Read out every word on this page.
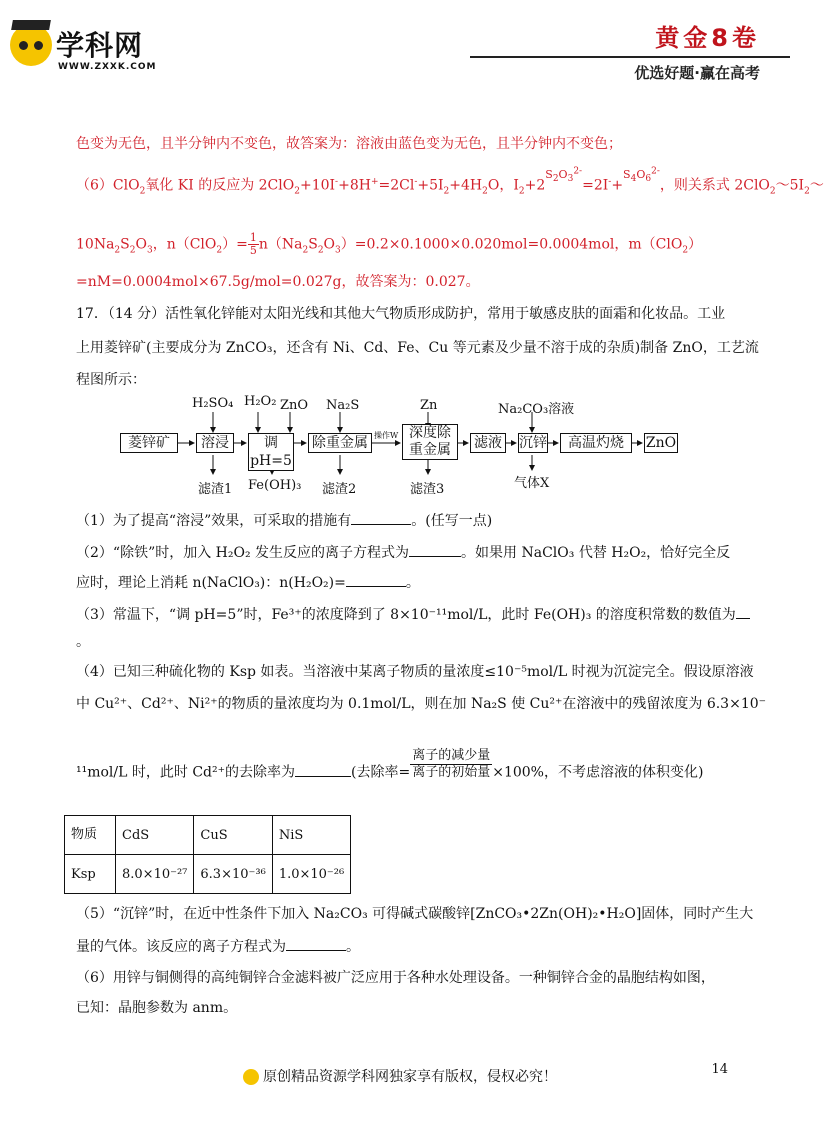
学科网
WWW.ZXXK.COM
黄金8卷
优选好题·赢在高考
色变为无色，且半分钟内不变色，故答案为：溶液由蓝色变为无色，且半分钟内不变色；
（6）ClO$_2$氧化 KI 的反应为 $2ClO_2+10I^-+8H^+=2Cl^-+5I_2+4H_2O$，$I_2+2^{S_2O_3^{2-}}=2I^-+^{S_4O_6^{2-}}$，则关系式 $2ClO_2\sim 5I_2\sim$
$10Na_2S_2O_3$，$n(ClO_2)= \frac{1}{5} n(Na_2S_2O_3)=0.2\times 0.1000\times 0.020mol=0.0004mol$，m（ClO$_2$）
=nM=0.0004mol×67.5g/mol=0.027g，故答案为：0.027。
17．（14 分）活性氧化锌能对太阳光线和其他大气物质形成防护，常用于敏感皮肤的面霜和化妆品。工业
上用菱锌矿(主要成分为 ZnCO₃，还含有 Ni、Cd、Fe、Cu 等元素及少量不溶于成的杂质)制备 ZnO，工艺流
程图所示：
菱锌矿	溶浸	调pH=5
除重金属
深度除
重金属	滤液 沉锌	高温灼烧	ZnO
H₂SO₄ H₂O₂ ZnO Na₂S	Zn	Na₂CO₃溶液
操作W
滤渣1 Fe(OH)₃ 滤渣2	滤渣3	气体X
（1）为了提高“溶浸”效果，可采取的措施有	。(任写一点)
（2）“除铁”时，加入 H₂O₂ 发生反应的离子方程式为	。如果用 NaClO₃ 代替 H₂O₂，恰好完全反
应时，理论上消耗 n(NaClO₃)：n(H₂O₂)=	。
（3）常温下，“调 pH=5”时，Fe³⁺的浓度降到了 8×10⁻¹¹mol/L，此时 Fe(OH)₃ 的溶度积常数的数值为
。
（4）已知三种硫化物的 Ksp 如表。当溶液中某离子物质的量浓度≤10⁻⁵mol/L 时视为沉淀完全。假设原溶液
中 Cu²⁺、Cd²⁺、Ni²⁺的物质的量浓度均为 0.1mol/L，则在加 Na₂S 使 Cu²⁺在溶液中的残留浓度为 6.3×10⁻
¹¹mol/L 时，此时 Cd²⁺的去除率为	(去除率= $\frac{\text{离子的减少量}}{\text{离子的初始量}} \times 100\%$，不考虑溶液的体积变化)
物质	CdS	CuS	NiS
Ksp	8.0×10⁻²⁷	6.3×10⁻³⁶	1.0×10⁻²⁶
（5）“沉锌”时，在近中性条件下加入 Na₂CO₃ 可得碱式碳酸锌[ZnCO₃•2Zn(OH)₂•H₂O]固体，同时产生大
量的气体。该反应的离子方程式为	。
（6）用锌与铜侧得的高纯铜锌合金滤料被广泛应用于各种水处理设备。一种铜锌合金的晶胞结构如图，
已知：晶胞参数为 anm。
14
原创精品资源学科网独家享有版权，侵权必究！
